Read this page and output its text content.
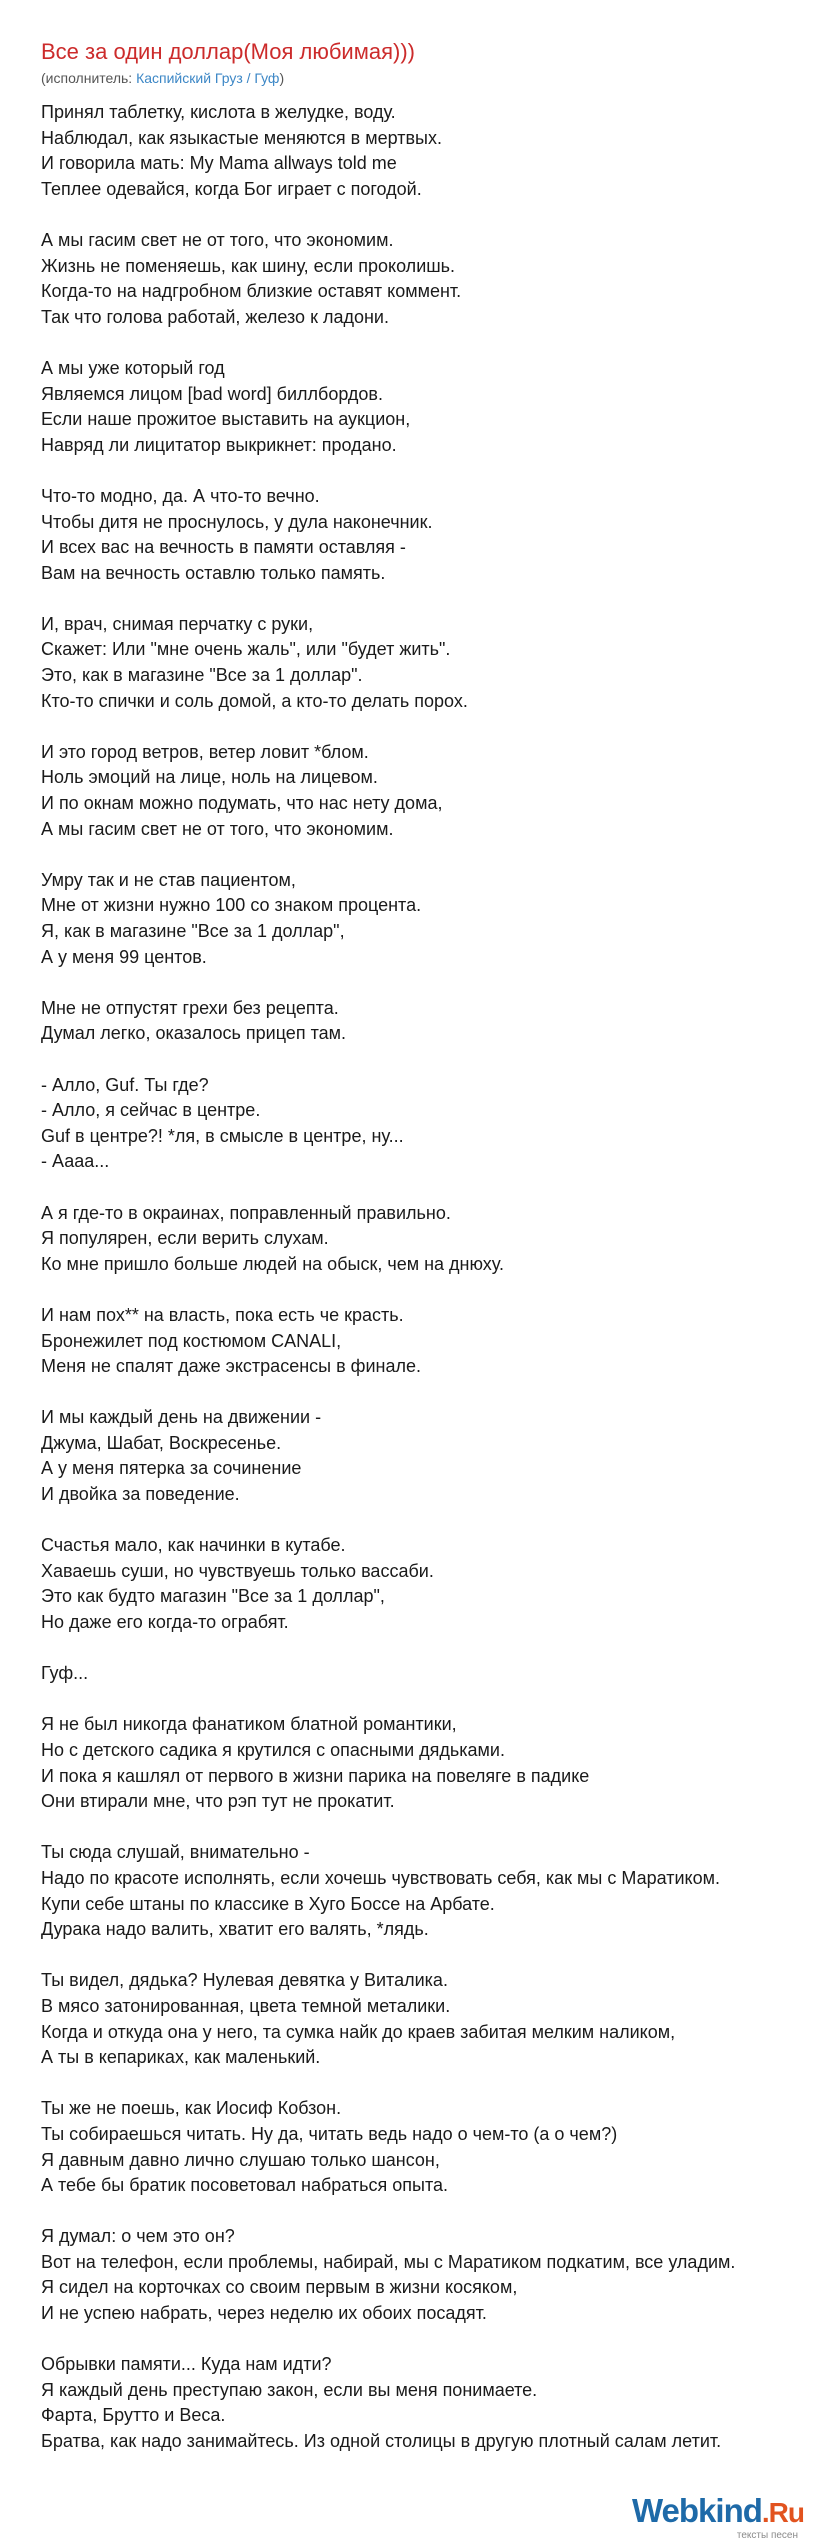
Все за один доллар(Моя любимая)))
(исполнитель: Каспийский Груз / Гуф)
Принял таблетку, кислота в желудке, воду.
Наблюдал, как языкастые меняются в мертвых.
И говорила мать: My Mama allways told me
Теплее одевайся, когда Бог играет с погодой.
А мы гасим свет не от того, что экономим.
Жизнь не поменяешь, как шину, если проколишь.
Когда-то на надгробном близкие оставят коммент.
Так что голова работай, железо к ладони.
А мы уже который год
Являемся лицом [bad word] биллбордов.
Если наше прожитое выставить на аукцион,
Навряд ли лицитатор выкрикнет: продано.
Что-то модно, да. А что-то вечно.
Чтобы дитя не проснулось, у дула наконечник.
И всех вас на вечность в памяти оставляя -
Вам на вечность оставлю только память.
И, врач, снимая перчатку с руки,
Скажет: Или "мне очень жаль", или "будет жить".
Это, как в магазине "Все за 1 доллар".
Кто-то спички и соль домой, а кто-то делать порох.
И это город ветров, ветер ловит *блом.
Ноль эмоций на лице, ноль на лицевом.
И по окнам можно подумать, что нас нету дома,
А мы гасим свет не от того, что экономим.
Умру так и не став пациентом,
Мне от жизни нужно 100 со знаком процента.
Я, как в магазине "Все за 1 доллар",
А у меня 99 центов.
Мне не отпустят грехи без рецепта.
Думал легко, оказалось прицеп там.
- Алло, Guf. Ты где?
- Алло, я сейчас в центре.
Guf в центре?! *ля, в смысле в центре, ну...
- Аааа...
А я где-то в окраинах, поправленный правильно.
Я популярен, если верить слухам.
Ко мне пришло больше людей на обыск, чем на днюху.
И нам пох** на власть, пока есть че красть.
Бронежилет под костюмом CANALI,
Меня не спалят даже экстрасенсы в финале.
И мы каждый день на движении -
Джума, Шабат, Воскресенье.
А у меня пятерка за сочинение
И двойка за поведение.
Счастья мало, как начинки в кутабе.
Хаваешь суши, но чувствуешь только вассаби.
Это как будто магазин "Все за 1 доллар",
Но даже его когда-то ограбят.
Гуф...
Я не был никогда фанатиком блатной романтики,
Но с детского садика я крутился с опасными дядьками.
И пока я кашлял от первого в жизни парика на повеляге в падике
Они втирали мне, что рэп тут не прокатит.
Ты сюда слушай, внимательно -
Надо по красоте исполнять, если хочешь чувствовать себя, как мы с Маратиком.
Купи себе штаны по классике в Хуго Боссе на Арбате.
Дурака надо валить, хватит его валять, *лядь.
Ты видел, дядька? Нулевая девятка у Виталика.
В мясо затонированная, цвета темной металики.
Когда и откуда она у него, та сумка найк до краев забитая мелким наликом,
А ты в кепариках, как маленький.
Ты же не поешь, как Иосиф Кобзон.
Ты собираешься читать. Ну да, читать ведь надо о чем-то (а о чем?)
Я давным давно лично слушаю только шансон,
А тебе бы братик посоветовал набраться опыта.
Я думал: о чем это он?
Вот на телефон, если проблемы, набирай, мы с Маратиком подкатим, все уладим.
Я сидел на корточках со своим первым в жизни косяком,
И не успею набрать, через неделю их обоих посадят.
Обрывки памяти... Куда нам идти?
Я каждый день преступаю закон, если вы меня понимаете.
Фарта, Брутто и Веса.
Братва, как надо занимайтесь. Из одной столицы в другую плотный салам летит.
Webkind.Ru
тексты песен
